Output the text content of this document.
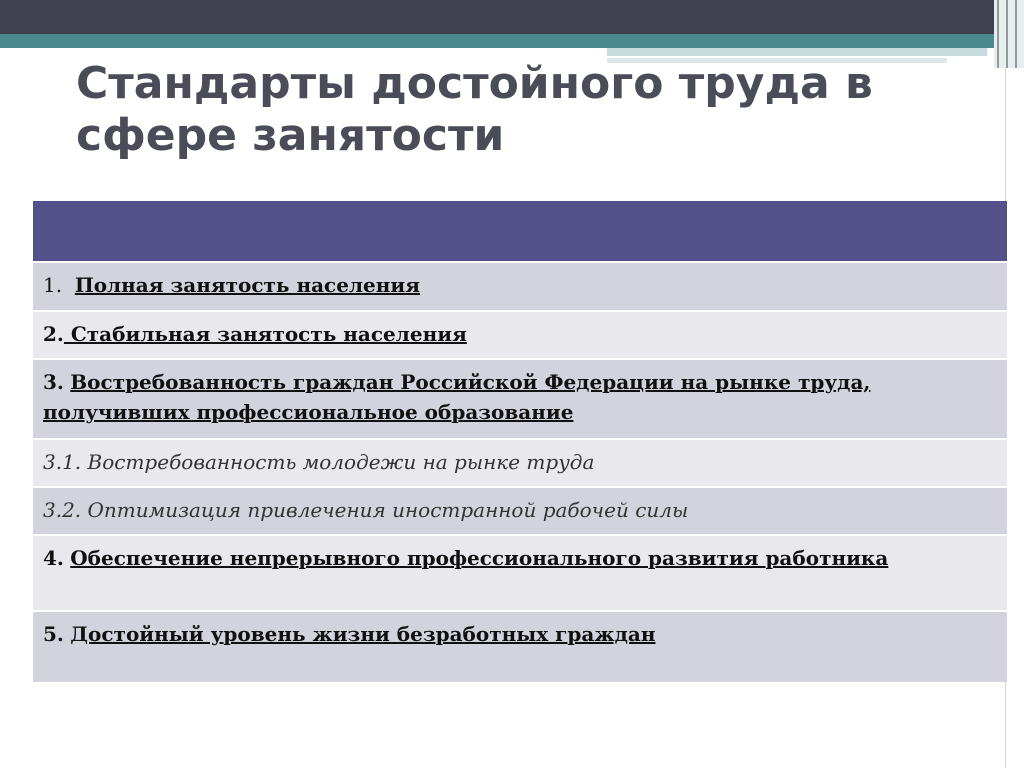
Стандарты достойного труда в сфере занятости
1. Полная занятость населения
2. Стабильная занятость населения
3. Востребованность граждан Российской Федерации на рынке труда, получивших профессиональное образование
3.1. Востребованность молодежи на рынке труда
3.2. Оптимизация привлечения иностранной рабочей силы
4. Обеспечение непрерывного профессионального развития работника
5. Достойный уровень жизни безработных граждан
